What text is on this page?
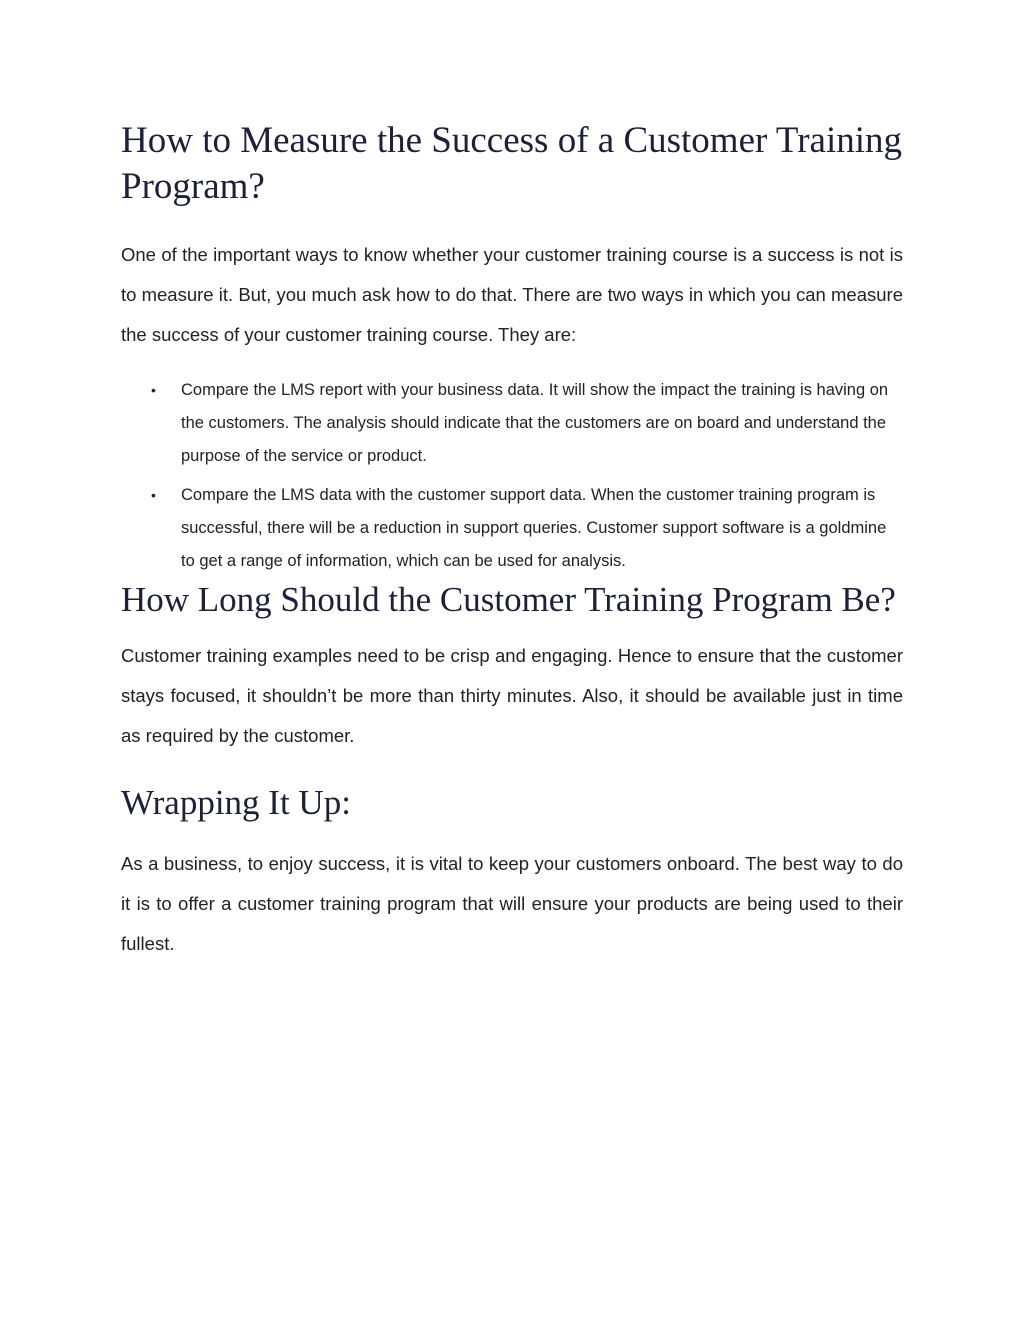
How to Measure the Success of a Customer Training Program?

One of the important ways to know whether your customer training course is a success is not is to measure it. But, you much ask how to do that. There are two ways in which you can measure the success of your customer training course. They are:

• Compare the LMS report with your business data. It will show the impact the training is having on the customers. The analysis should indicate that the customers are on board and understand the purpose of the service or product.
• Compare the LMS data with the customer support data. When the customer training program is successful, there will be a reduction in support queries. Customer support software is a goldmine to get a range of information, which can be used for analysis.
How Long Should the Customer Training Program Be?

Customer training examples need to be crisp and engaging. Hence to ensure that the customer stays focused, it shouldn’t be more than thirty minutes. Also, it should be available just in time as required by the customer.

Wrapping It Up:

As a business, to enjoy success, it is vital to keep your customers onboard. The best way to do it is to offer a customer training program that will ensure your products are being used to their fullest.
